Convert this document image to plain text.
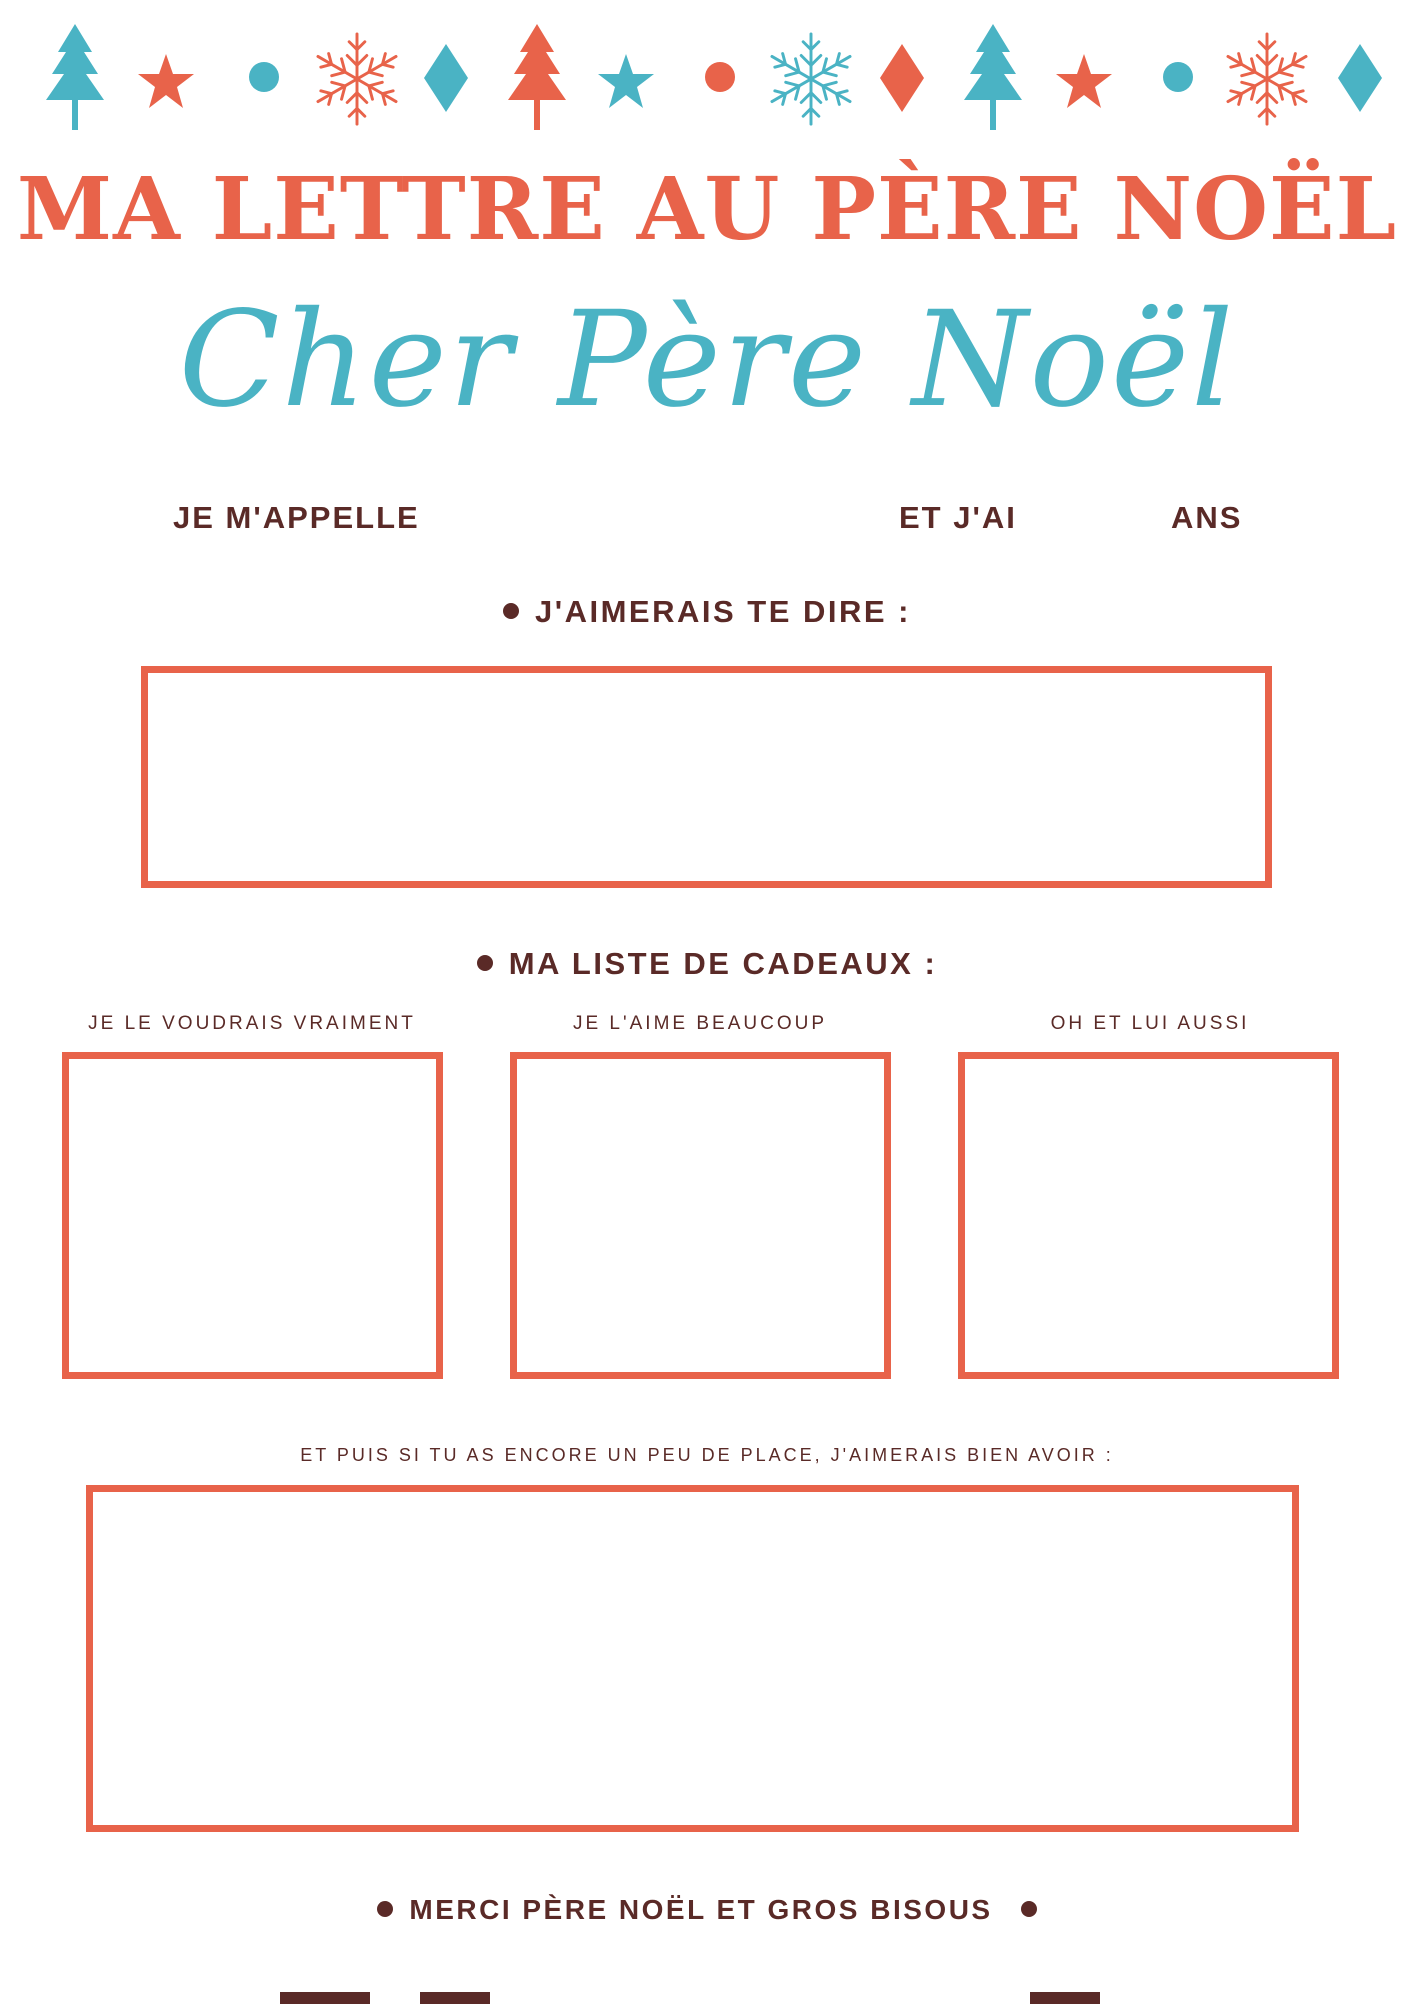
MA LETTRE AU PÈRE NOËL
Cher Père Noël
JE M'APPELLE	ET J'AI	ANS
J'AIMERAIS TE DIRE :
MA LISTE DE CADEAUX :
JE LE VOUDRAIS VRAIMENT	JE L'AIME BEAUCOUP	OH ET LUI AUSSI
ET PUIS SI TU AS ENCORE UN PEU DE PLACE, J'AIMERAIS BIEN AVOIR :
MERCI PÈRE NOËL ET GROS BISOUS
